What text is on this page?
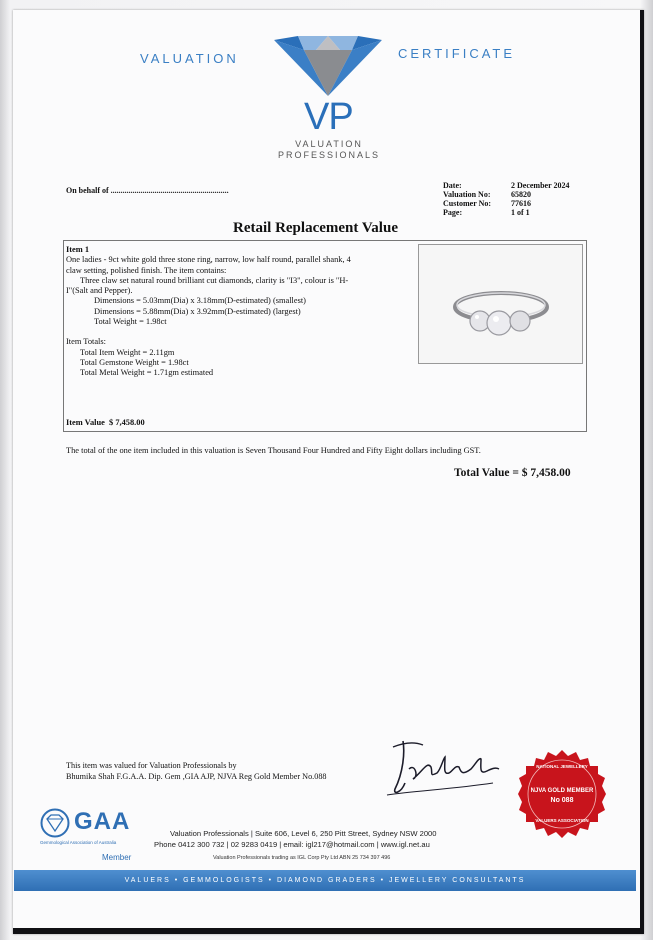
VALUATION	CERTIFICATE
VP
VALUATION
PROFESSIONALS
On behalf of ...........................................................
Date:
Valuation No:
Customer No:
Page:
2 December 2024
65820
77616
1 of 1
Retail Replacement Value
Item 1
One ladies - 9ct white gold three stone ring, narrow, low half round, parallel shank, 4
claw setting, polished finish. The item contains:
Three claw set natural round brilliant cut diamonds, clarity is "I3", colour is "H-
I"(Salt and Pepper).
Dimensions = 5.03mm(Dia) x 3.18mm(D-estimated) (smallest)
Dimensions = 5.88mm(Dia) x 3.92mm(D-estimated) (largest)
Total Weight = 1.98ct
Item Totals:
Total Item Weight = 2.11gm
Total Gemstone Weight = 1.98ct
Total Metal Weight = 1.71gm estimated
Item Value $ 7,458.00
The total of the one item included in this valuation is Seven Thousand Four Hundred and Fifty Eight dollars including GST.
Total Value = $ 7,458.00
This item was valued for Valuation Professionals by
Bhumika Shah F.G.A.A. Dip. Gem ,GIA AJP, NJVA Reg Gold Member No.088
NATIONAL JEWELLERY
NJVA GOLD MEMBER
No 088
VALUERS ASSOCIATION
GAA
Gemmological Association of Australia
Member
Valuation Professionals | Suite 606, Level 6, 250 Pitt Street, Sydney NSW 2000
Phone 0412 300 732 | 02 9283 0419 | email: igl217@hotmail.com | www.igl.net.au
Valuation Professionals trading as IGL Corp Pty Ltd ABN 25 734 397 496
VALUERS • GEMMOLOGISTS • DIAMOND GRADERS • JEWELLERY CONSULTANTS
